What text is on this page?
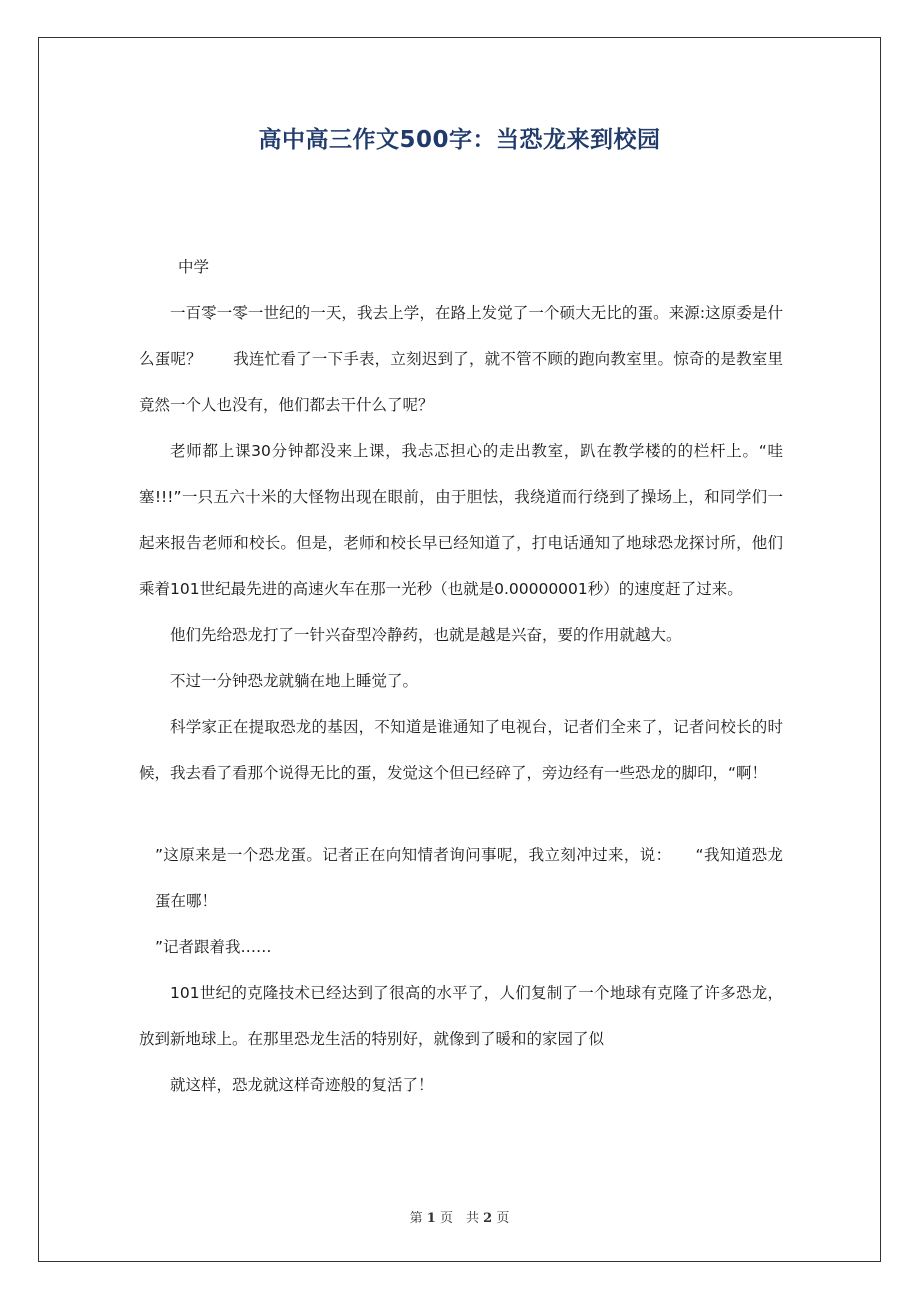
高中高三作文500字：当恐龙来到校园

中学

一百零一零一世纪的一天，我去上学，在路上发觉了一个硕大无比的蛋。来源:这原委是什么蛋呢？　　我连忙看了一下手表，立刻迟到了，就不管不顾的跑向教室里。惊奇的是教室里竟然一个人也没有，他们都去干什么了呢？

老师都上课30分钟都没来上课，我忐忑担心的走出教室，趴在教学楼的的栏杆上。“哇塞!!!”一只五六十米的大怪物出现在眼前，由于胆怯，我绕道而行绕到了操场上，和同学们一起来报告老师和校长。但是，老师和校长早已经知道了，打电话通知了地球恐龙探讨所，他们乘着101世纪最先进的高速火车在那一光秒（也就是0.00000001秒）的速度赶了过来。

他们先给恐龙打了一针兴奋型冷静药，也就是越是兴奋，要的作用就越大。

不过一分钟恐龙就躺在地上睡觉了。

科学家正在提取恐龙的基因，不知道是谁通知了电视台，记者们全来了，记者问校长的时候，我去看了看那个说得无比的蛋，发觉这个但已经碎了，旁边经有一些恐龙的脚印，“啊！

”这原来是一个恐龙蛋。记者正在向知情者询问事呢，我立刻冲过来，说：　　“我知道恐龙蛋在哪！

”记者跟着我……

101世纪的克隆技术已经达到了很高的水平了，人们复制了一个地球有克隆了许多恐龙，放到新地球上。在那里恐龙生活的特别好，就像到了暖和的家园了似

就这样，恐龙就这样奇迹般的复活了！

第 1 页　共 2 页
